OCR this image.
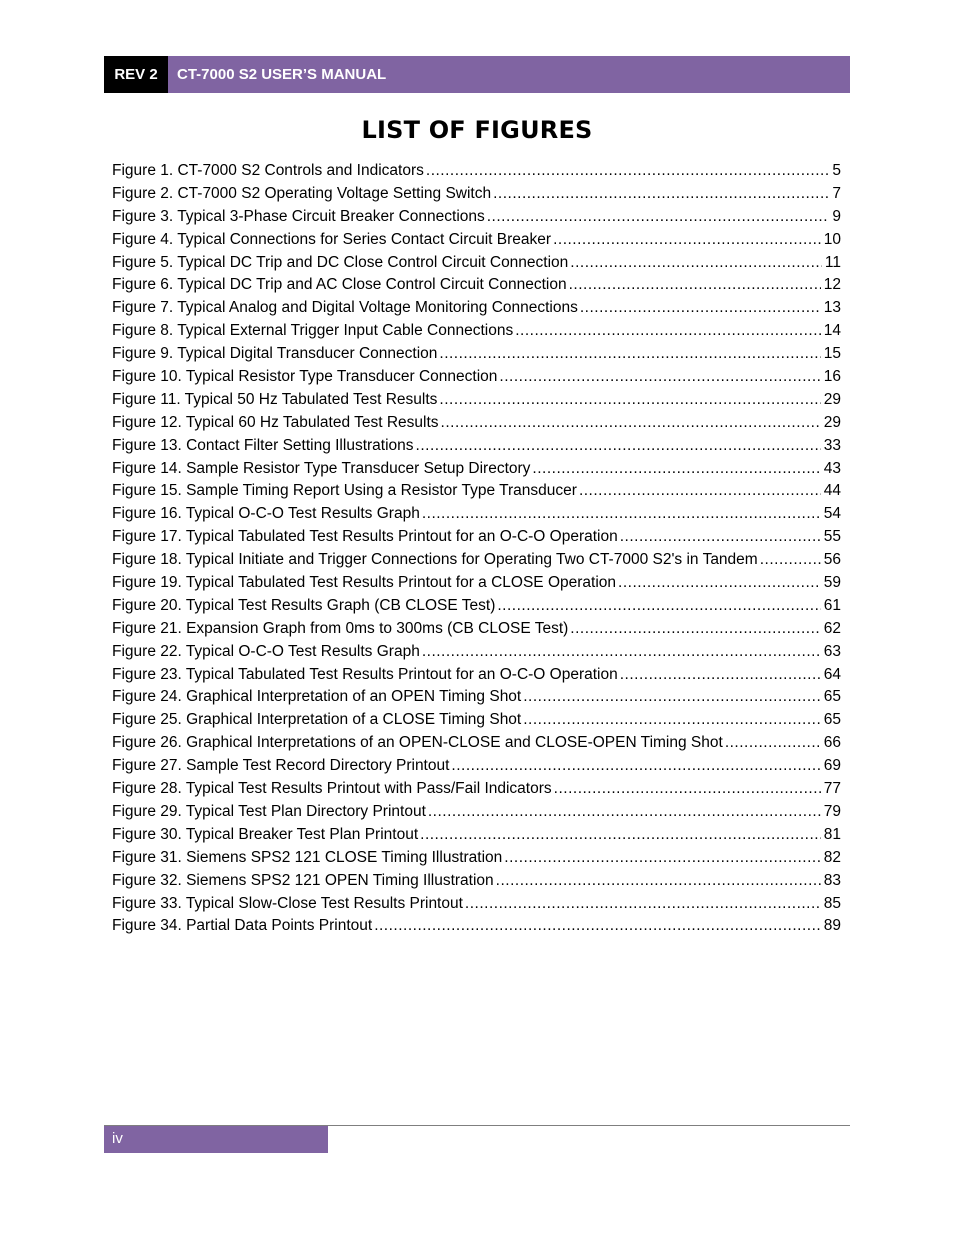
REV 2	CT-7000 S2 USER’S MANUAL
LIST OF FIGURES
Figure 1. CT-7000 S2 Controls and Indicators .....	5
Figure 2. CT-7000 S2 Operating Voltage Setting Switch .....	7
Figure 3. Typical 3-Phase Circuit Breaker Connections .....	9
Figure 4. Typical Connections for Series Contact Circuit Breaker .....	10
Figure 5. Typical DC Trip and DC Close Control Circuit Connection .....	11
Figure 6. Typical DC Trip and AC Close Control Circuit Connection .....	12
Figure 7. Typical Analog and Digital Voltage Monitoring Connections .....	13
Figure 8. Typical External Trigger Input Cable Connections .....	14
Figure 9. Typical Digital Transducer Connection .....	15
Figure 10. Typical Resistor Type Transducer Connection .....	16
Figure 11. Typical 50 Hz Tabulated Test Results .....	29
Figure 12. Typical 60 Hz Tabulated Test Results .....	29
Figure 13. Contact Filter Setting Illustrations .....	33
Figure 14. Sample Resistor Type Transducer Setup Directory .....	43
Figure 15. Sample Timing Report Using a Resistor Type Transducer .....	44
Figure 16. Typical O-C-O Test Results Graph .....	54
Figure 17. Typical Tabulated Test Results Printout for an O-C-O Operation .....	55
Figure 18. Typical Initiate and Trigger Connections for Operating Two CT-7000 S2's in Tandem .....	56
Figure 19. Typical Tabulated Test Results Printout for a CLOSE Operation .....	59
Figure 20. Typical Test Results Graph (CB CLOSE Test) .....	61
Figure 21. Expansion Graph from 0ms to 300ms (CB CLOSE Test) .....	62
Figure 22. Typical O-C-O Test Results Graph .....	63
Figure 23. Typical Tabulated Test Results Printout for an O-C-O Operation .....	64
Figure 24. Graphical Interpretation of an OPEN Timing Shot .....	65
Figure 25. Graphical Interpretation of a CLOSE Timing Shot .....	65
Figure 26. Graphical Interpretations of an OPEN-CLOSE and CLOSE-OPEN Timing Shot .....	66
Figure 27. Sample Test Record Directory Printout .....	69
Figure 28. Typical Test Results Printout with Pass/Fail Indicators .....	77
Figure 29. Typical Test Plan Directory Printout .....	79
Figure 30. Typical Breaker Test Plan Printout .....	81
Figure 31. Siemens SPS2 121 CLOSE Timing Illustration .....	82
Figure 32. Siemens SPS2 121 OPEN Timing Illustration .....	83
Figure 33. Typical Slow-Close Test Results Printout .....	85
Figure 34. Partial Data Points Printout .....	89
iv
